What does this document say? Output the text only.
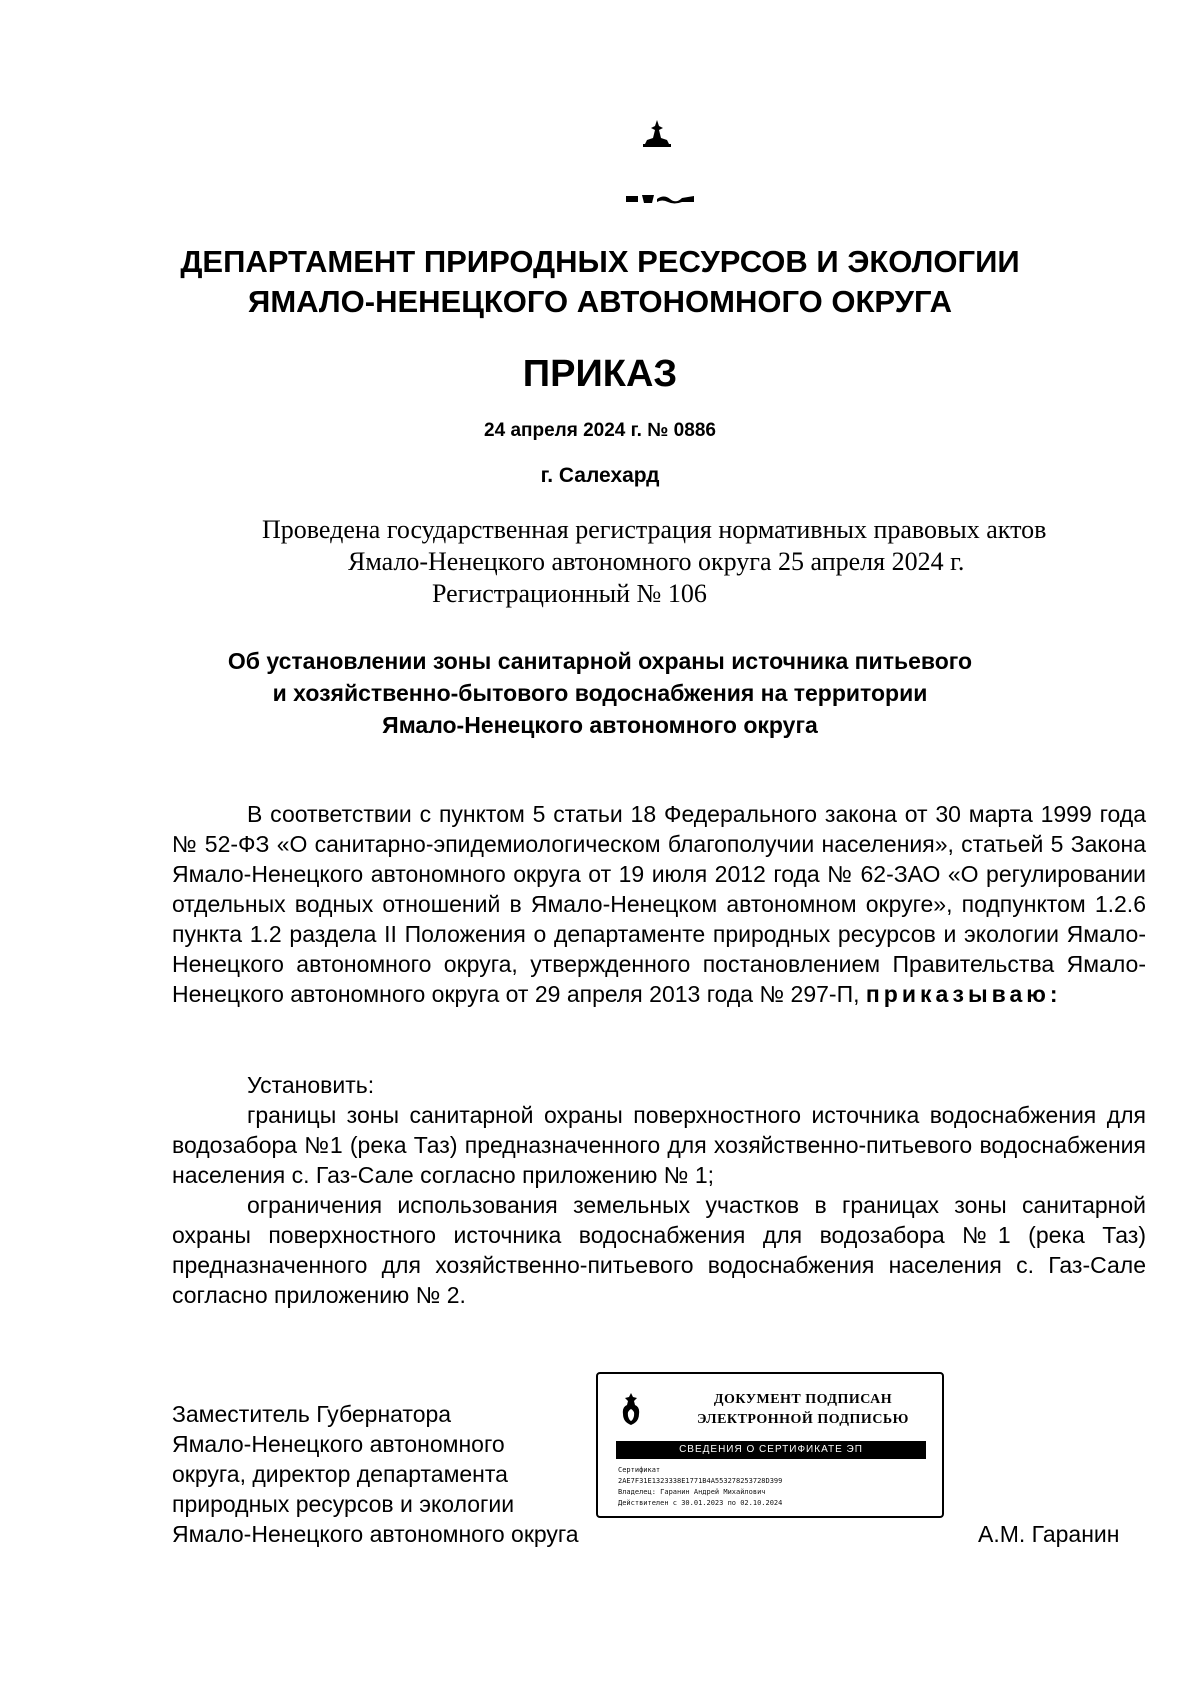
ДЕПАРТАМЕНТ ПРИРОДНЫХ РЕСУРСОВ И ЭКОЛОГИИ
ЯМАЛО-НЕНЕЦКОГО АВТОНОМНОГО ОКРУГА
ПРИКАЗ
24 апреля 2024 г. № 0886
г. Салехард
Проведена государственная регистрация нормативных правовых актов
Ямало-Ненецкого автономного округа 25 апреля 2024 г.
Регистрационный № 106
Об установлении зоны санитарной охраны источника питьевого
и хозяйственно-бытового водоснабжения на территории
Ямало-Ненецкого автономного округа
В соответствии с пунктом 5 статьи 18 Федерального закона от 30 марта 1999 года № 52-ФЗ «О санитарно-эпидемиологическом благополучии населения», статьей 5 Закона Ямало-Ненецкого автономного округа от 19 июля 2012 года № 62-ЗАО «О регулировании отдельных водных отношений в Ямало-Ненецком автономном округе», подпунктом 1.2.6 пункта 1.2 раздела II Положения о департаменте природных ресурсов и экологии Ямало-Ненецкого автономного округа, утвержденного постановлением Правительства Ямало-Ненецкого автономного округа от 29 апреля 2013 года № 297-П, приказываю:
Установить:
границы зоны санитарной охраны поверхностного источника водоснабжения для водозабора №1 (река Таз) предназначенного для хозяйственно-питьевого водоснабжения населения с. Газ-Сале согласно приложению № 1;
ограничения использования земельных участков в границах зоны санитарной охраны поверхностного источника водоснабжения для водозабора №1 (река Таз) предназначенного для хозяйственно-питьевого водоснабжения населения с. Газ-Сале согласно приложению № 2.
Заместитель Губернатора
Ямало-Ненецкого автономного
округа, директор департамента
природных ресурсов и экологии
Ямало-Ненецкого автономного округа	А.М. Гаранин
ДОКУМЕНТ ПОДПИСАН
ЭЛЕКТРОННОЙ ПОДПИСЬЮ
СВЕДЕНИЯ О СЕРТИФИКАТЕ ЭП
Сертификат
2AE7F31E1323338E1771B4A553278253728D399
Владелец: Гаранин Андрей Михайлович
Действителен с 30.01.2023 по 02.10.2024
